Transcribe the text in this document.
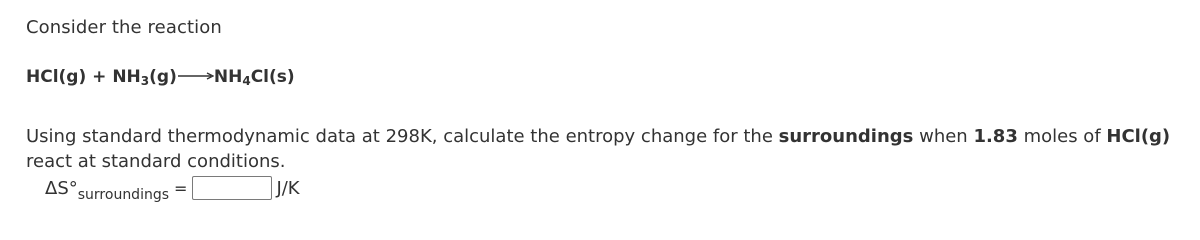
Consider the reaction
$HCl(g) + NH_3(g)\to NH_4Cl(s)$
Using standard thermodynamic data at 298K, calculate the entropy change for the surroundings when 1.83 moles of HCl(g) react at standard conditions.
$\Delta S^\circ_{surroundings}$ =	J/K
